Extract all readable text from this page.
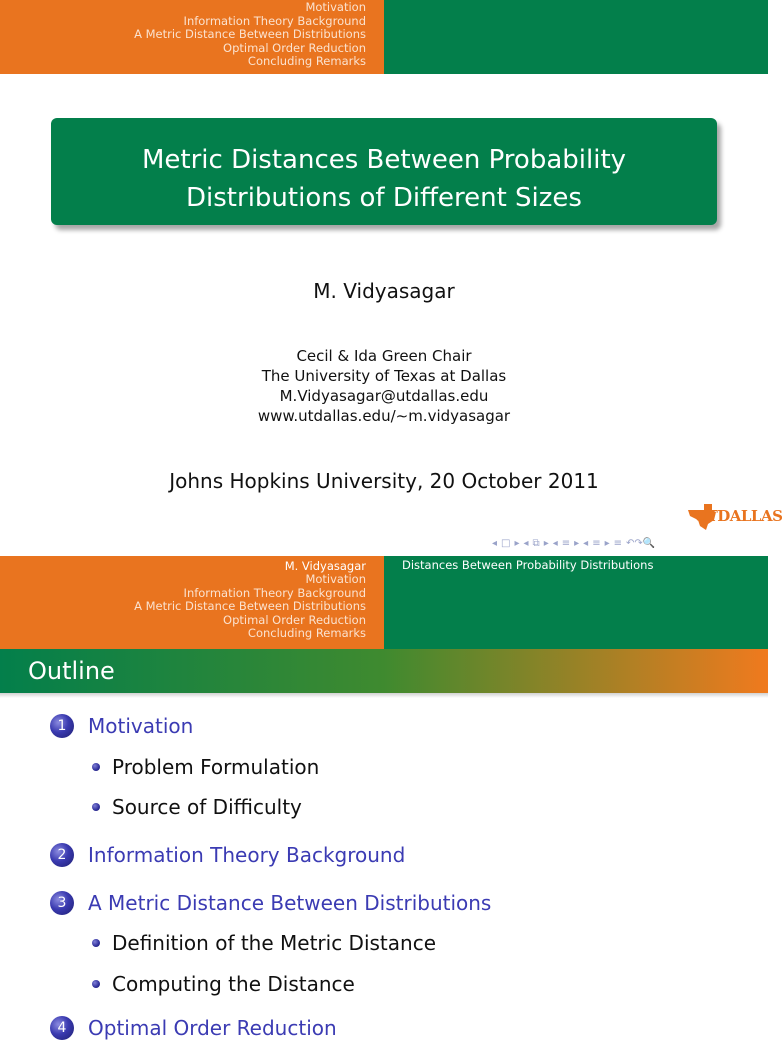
Motivation
Information Theory Background
A Metric Distance Between Distributions
Optimal Order Reduction
Concluding Remarks
Metric Distances Between Probability
Distributions of Different Sizes
M. Vidyasagar
Cecil & Ida Green Chair
The University of Texas at Dallas
M.Vidyasagar@utdallas.edu
www.utdallas.edu/∼m.vidyasagar
Johns Hopkins University, 20 October 2011
UTDALLAS
◂ □ ▸ ◂ ⧉ ▸ ◂ ≡ ▸ ◂ ≡ ▸ ≡ ↶↷🔍
M. Vidyasagar
Motivation
Information Theory Background
A Metric Distance Between Distributions
Optimal Order Reduction
Concluding Remarks
Distances Between Probability Distributions
Outline
1	Motivation
Problem Formulation
Source of Difficulty
2	Information Theory Background
3	A Metric Distance Between Distributions
Definition of the Metric Distance
Computing the Distance
4	Optimal Order Reduction
